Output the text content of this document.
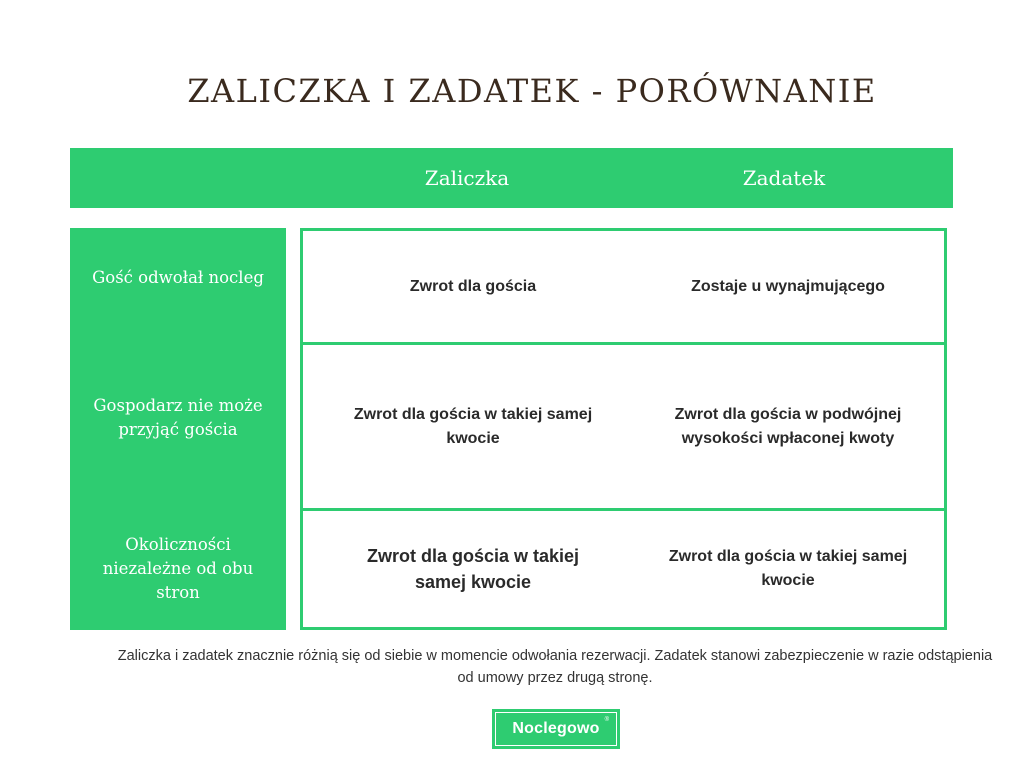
ZALICZKA I ZADATEK - PORÓWNANIE
Zaliczka	Zadatek
Gość odwołał nocleg
Gospodarz nie może przyjąć gościa
Okoliczności niezależne od obu stron
Zwrot dla gościa	Zostaje u wynajmującego
Zwrot dla gościa w takiej samej kwocie
Zwrot dla gościa w podwójnej wysokości wpłaconej kwoty
Zwrot dla gościa w takiej samej kwocie
Zwrot dla gościa w takiej samej kwocie

Zaliczka i zadatek znacznie różnią się od siebie w momencie odwołania rezerwacji. Zadatek stanowi zabezpieczenie w razie odstąpienia od umowy przez drugą stronę.

Noclegowo ®
